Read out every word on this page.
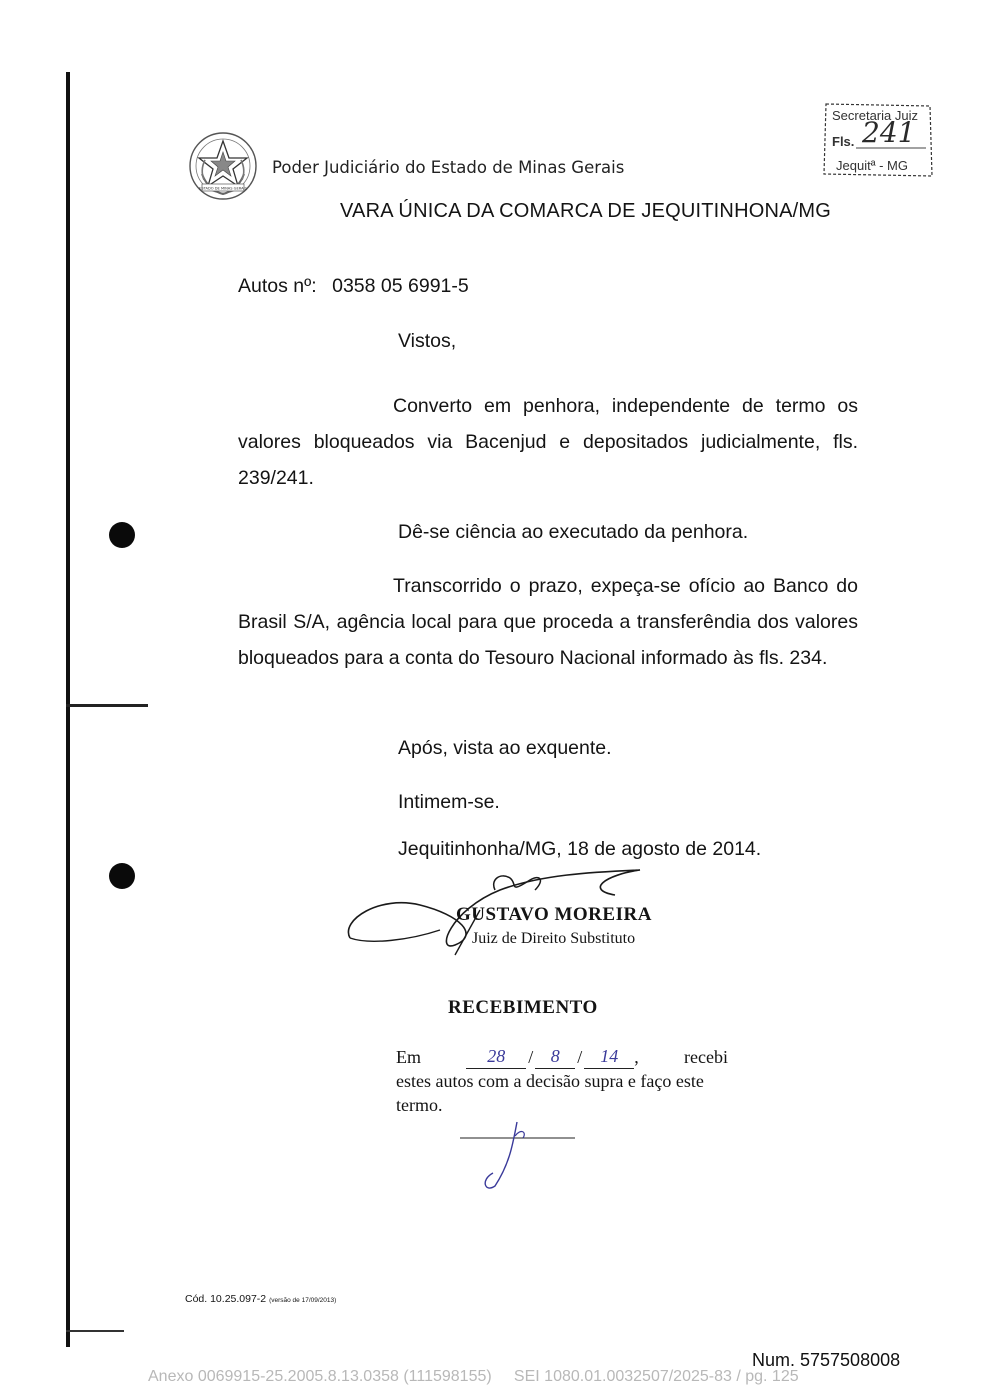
ESTADO DE MINAS GERAIS
Poder Judiciário do Estado de Minas Gerais
Secretaria Juiz
Fls. 241
Jequitª - MG
VARA ÚNICA DA COMARCA DE JEQUITINHONA/MG
Autos nº: 0358 05 6991-5
Vistos,
Converto em penhora, independente de termo os valores bloqueados via Bacenjud e depositados judicialmente, fls. 239/241.
Dê-se ciência ao executado da penhora.
Transcorrido o prazo, expeça-se ofício ao Banco do Brasil S/A, agência local para que proceda a transferêndia dos valores bloqueados para a conta do Tesouro Nacional informado às fls. 234.
Após, vista ao exquente.
Intimem-se.
Jequitinhonha/MG, 18 de agosto de 2014.
GUSTAVO MOREIRA
Juiz de Direito Substituto
RECEBIMENTO
Em	28	/ 8 /	14 ,	recebi
estes autos com a decisão supra e faço este termo.
Cód. 10.25.097-2 (versão de 17/09/2013)
Num. 5757508008
Anexo 0069915-25.2005.8.13.0358 (111598155)     SEI 1080.01.0032507/2025-83 / pg. 125
